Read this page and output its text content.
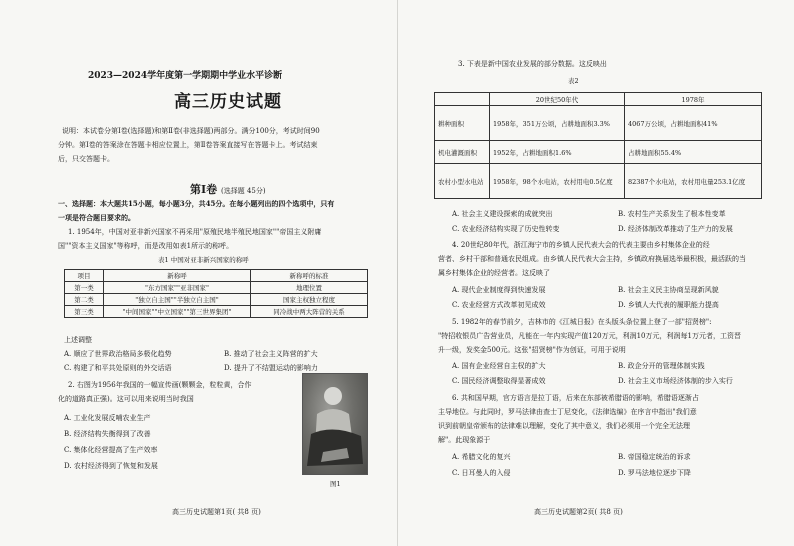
2023—2024学年度第一学期期中学业水平诊断
高三历史试题
说明：本试卷分第Ⅰ卷(选择题)和第Ⅱ卷(非选择题)两部分。满分100分，考试时间90
分钟。第Ⅰ卷的答案涂在答题卡相应位置上，第Ⅱ卷答案直接写在答题卡上。考试结束
后，只交答题卡。
第Ⅰ卷 (选择题 45分)
一、选择题：本大题共15小题，每小题3分，共45分。在每小题列出的四个选项中，只有
一项是符合题目要求的。
1. 1954年，中国对亚非新兴国家不再采用"原殖民地半殖民地国家""帝国主义附庸
国""资本主义国家"等称呼，而是改用如表1所示的称呼。
表1 中国对亚非新兴国家的称呼
项目	新称呼	新称呼的标准
第一类	"东方国家""亚非国家"	地理位置
第二类	"独立自主国""半独立自主国"	国家主权独立程度
第三类	"中间国家""中立国家""第三世界集团"	同冷战中两大阵营的关系
上述调整
A. 顺应了世界政治格局多极化趋势	B. 推动了社会主义阵营的扩大
C. 构建了和平共处原则的外交话语	D. 提升了不结盟运动的影响力
2. 右图为1956年我国的一幅宣传画(颗颗金，粒粒黄，合作
化的道路真正强)。这可以用来说明当时我国
A. 工业化发展反哺农业生产
B. 经济结构失衡得到了改善
C. 集体化经营提高了生产效率
D. 农村经济得到了恢复和发展
图1
高三历史试题第1页( 共8 页)
3. 下表是新中国农业发展的部分数据。这反映出
表2
	20世纪50年代	1978年
耕种面积	1958年，351万公顷，占耕地面积3.3%	4067万公顷，占耕地面积41%
机电灌溉面积	1952年，占耕地面积1.6%	占耕地面积55.4%
农村小型水电站	1958年，98个水电站，农村用电0.5亿度	82387个水电站，农村用电量253.1亿度
A. 社会主义建设探索的成就突出	B. 农村生产关系发生了根本性变革
C. 农业经济结构实现了历史性转变	D. 经济体制改革推动了生产力的发展
4. 20世纪80年代，浙江海宁市的乡镇人民代表大会的代表主要由乡村集体企业的经
营者、乡村干部和普通农民组成。由乡镇人民代表大会主持，乡镇政府换届选举最积极，最活跃的当
属乡村集体企业的经营者。这反映了
A. 现代企业制度得到快速发展	B. 社会主义民主协商呈现新风貌
C. 农业经营方式改革初见成效	D. 乡镇人大代表的履职能力提高
5. 1982年的春节前夕，吉林市的《江城日报》在头版头条位置上登了一部"招贤榜":
"特招收银员广告营业员，凡能在一年内实现产值120万元，利润10万元，利润每1万元者，工资晋
升一级，发奖金500元。这张"招贤榜"作为创证，可用于说明
A. 国有企业经营自主权的扩大	B. 政企分开的管理体制实践
C. 国民经济调整取得显著成效	D. 社会主义市场经济体制的步入实行
6. 共和国早期，官方语言是拉丁语，后来在东部被希腊语的影响，希腊语逐渐占
主导地位。与此同时，罗马法律由查士丁尼变化，《法律选编》在序言中指出"我们意
识到前朝皇帝颁布的法律难以理解，变化了其中意义，我们必须用一个完全无法理
解"。此现象源于
A. 希腊文化的复兴	B. 帝国稳定统治的诉求
C. 日耳曼人的入侵	D. 罗马法地位逐步下降
高三历史试题第2页( 共8 页)
